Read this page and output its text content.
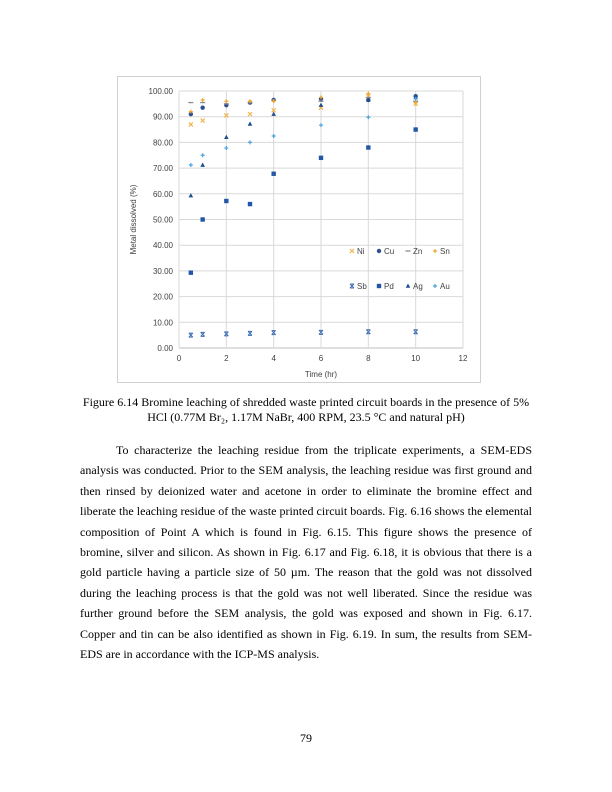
0.00
10.00
20.00
30.00
40.00
50.00
60.00
70.00
80.00
90.00
100.00
0	2	4	6	8	10	12
Time (hr)
Metal dissolved (%)	Ni Cu Zn Sn
Sb Pd Ag Au
Figure 6.14 Bromine leaching of shredded waste printed circuit boards in the presence of 5%
HCl (0.77M Br₂, 1.17M NaBr, 400 RPM, 23.5 °C and natural pH)

To characterize the leaching residue from the triplicate experiments, a SEM-EDS analysis was conducted. Prior to the SEM analysis, the leaching residue was first ground and then rinsed by deionized water and acetone in order to eliminate the bromine effect and liberate the leaching residue of the waste printed circuit boards. Fig. 6.16 shows the elemental composition of Point A which is found in Fig. 6.15. This figure shows the presence of bromine, silver and silicon. As shown in Fig. 6.17 and Fig. 6.18, it is obvious that there is a gold particle having a particle size of 50 µm. The reason that the gold was not dissolved during the leaching process is that the gold was not well liberated. Since the residue was further ground before the SEM analysis, the gold was exposed and shown in Fig. 6.17. Copper and tin can be also identified as shown in Fig. 6.19. In sum, the results from SEM-EDS are in accordance with the ICP-MS analysis.

79
